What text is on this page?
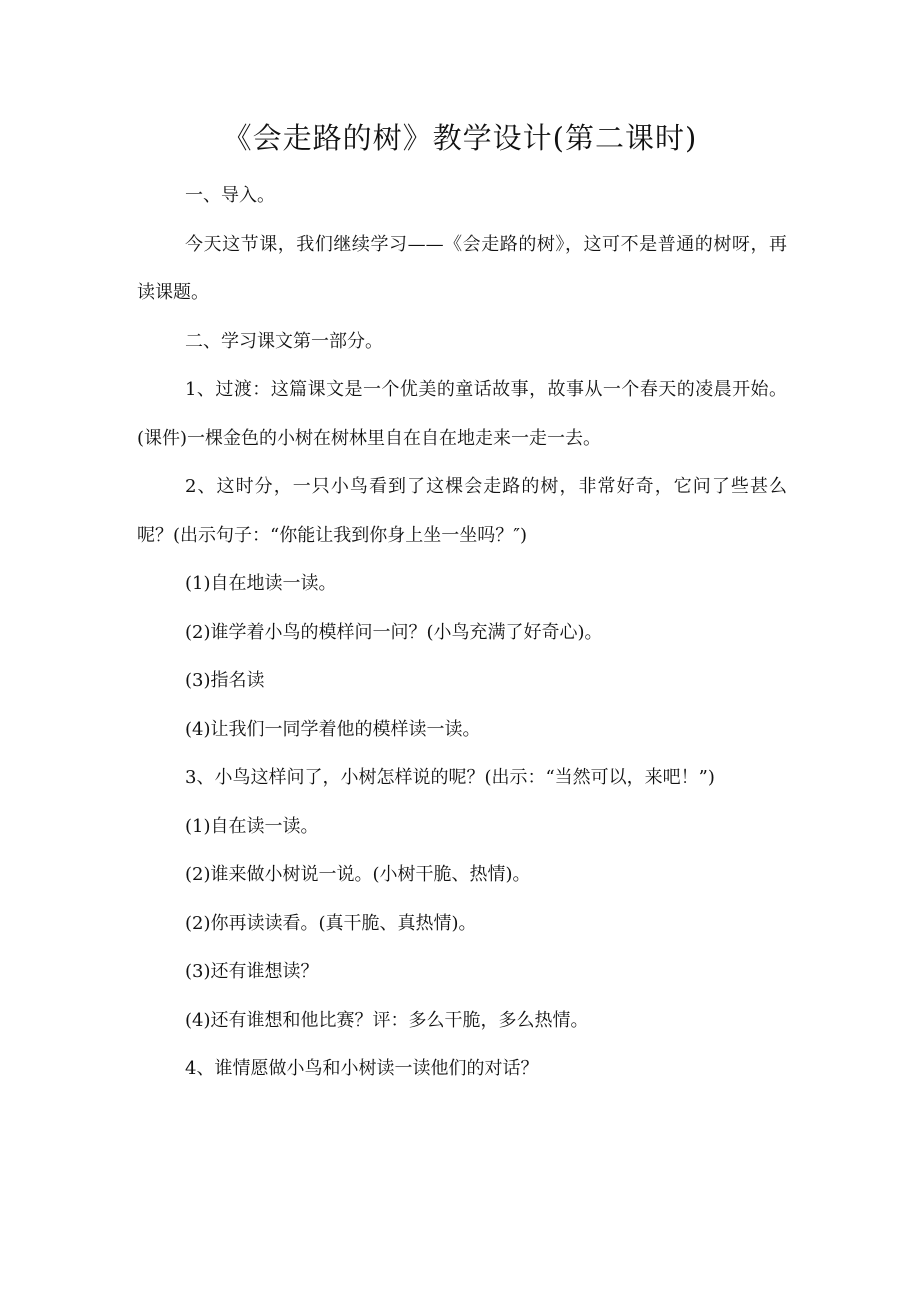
《会走路的树》教学设计(第二课时)

一、导入。

今天这节课，我们继续学习——《会走路的树》，这可不是普通的树呀，再读课题。

二、学习课文第一部分。

1、过渡：这篇课文是一个优美的童话故事，故事从一个春天的凌晨开始。(课件)一棵金色的小树在树林里自在自在地走来一走一去。

2、这时分，一只小鸟看到了这棵会走路的树，非常好奇，它问了些甚么呢？(出示句子：“你能让我到你身上坐一坐吗？″)

(1)自在地读一读。

(2)谁学着小鸟的模样问一问？(小鸟充满了好奇心)。

(3)指名读

(4)让我们一同学着他的模样读一读。

3、小鸟这样问了，小树怎样说的呢？(出示：“当然可以，来吧！”)

(1)自在读一读。

(2)谁来做小树说一说。(小树干脆、热情)。

(2)你再读读看。(真干脆、真热情)。

(3)还有谁想读？

(4)还有谁想和他比赛？评：多么干脆，多么热情。

4、谁情愿做小鸟和小树读一读他们的对话？
